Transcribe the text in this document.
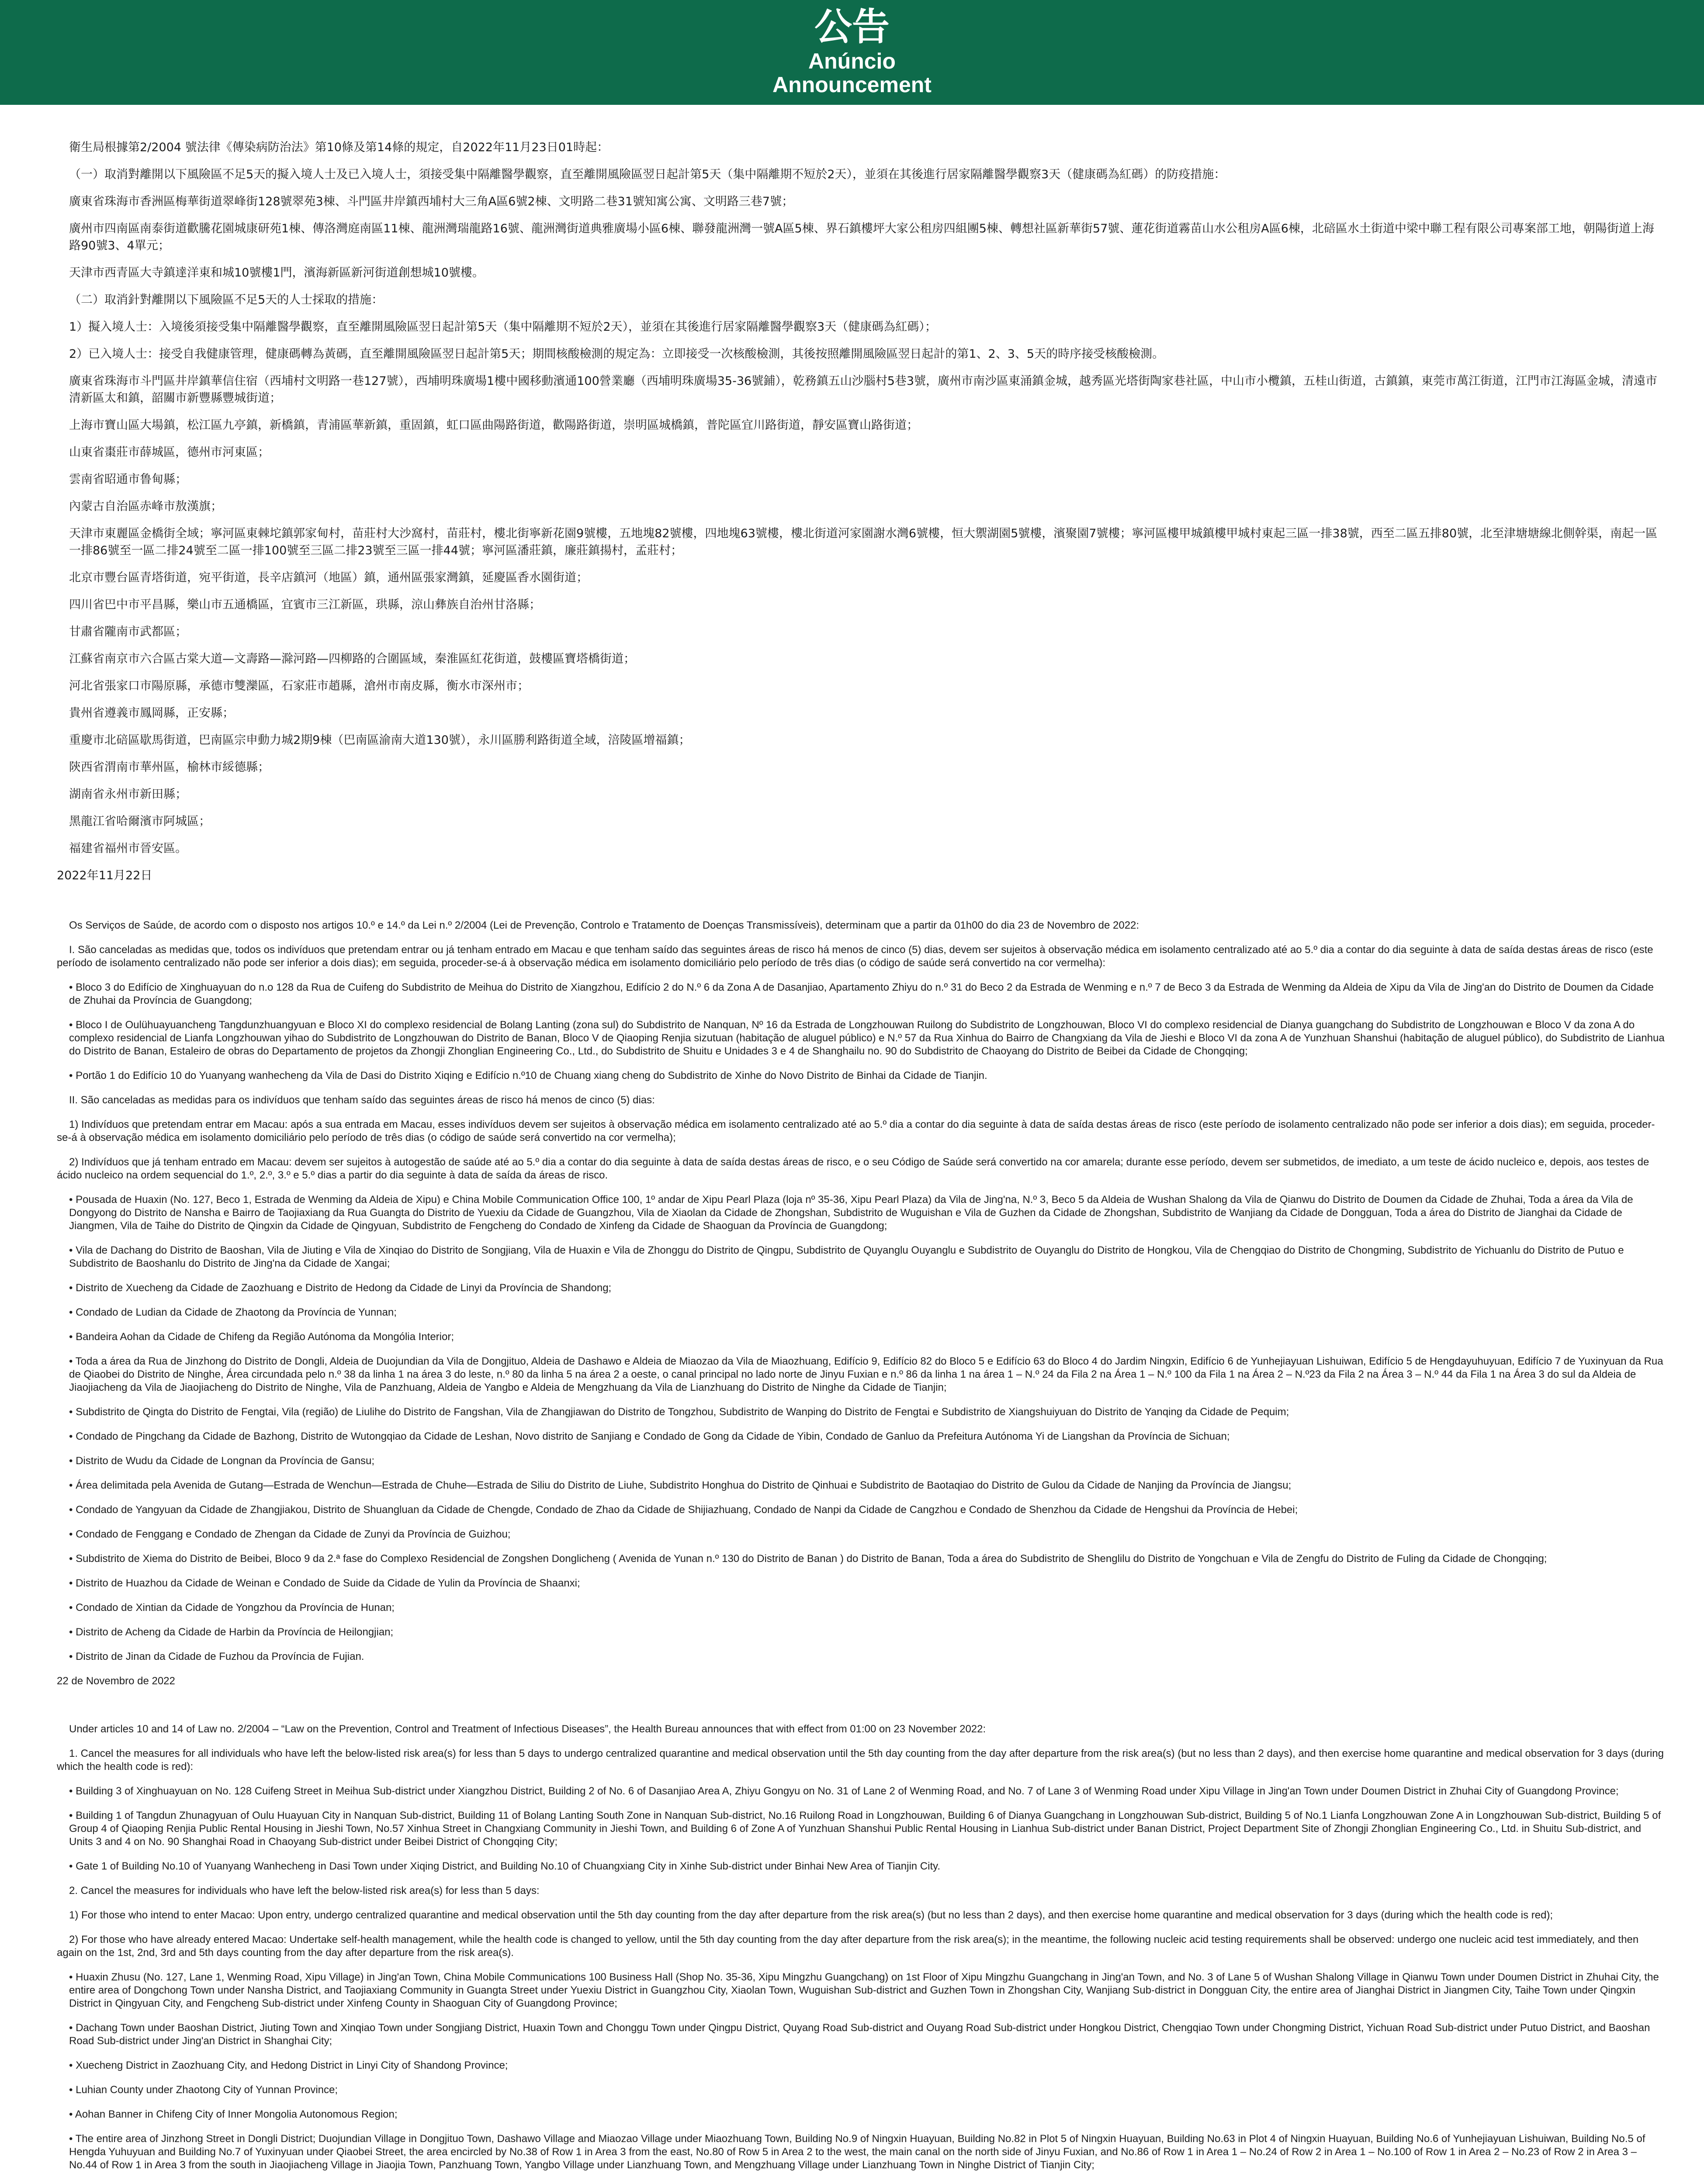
公告
Anúncio
Announcement

衛生局根據第2/2004 號法律《傳染病防治法》第10條及第14條的規定，自2022年11月23日01時起：

（一）取消對離開以下風險區不足5天的擬入境人士及已入境人士，須接受集中隔離醫學觀察，直至離開風險區翌日起計第5天（集中隔離期不短於2天），並須在其後進行居家隔離醫學觀察3天（健康碼為紅碼）的防疫措施：

廣東省珠海市香洲區梅華街道翠峰街128號翠苑3棟、斗門區井岸鎮西埔村大三角A區6號2棟、文明路二巷31號知寓公寓、文明路三巷7號；

廣州市四南區南泰街道歡騰花園城康研苑1棟、傳洛灣庭南區11棟、龍洲灣瑞龍路16號、龍洲灣街道典雅廣場小區6棟、聯發龍洲灣一號A區5棟、界石鎮樓坪大家公租房四組團5棟、轉想社區新華街57號、蓮花街道霧苗山水公租房A區6棟，北碚區水土街道中梁中聯工程有限公司專案部工地，朝陽街道上海路90號3、4單元；

天津市西青區大寺鎮達洋東和城10號樓1門，濱海新區新河街道創想城10號樓。

（二）取消針對離開以下風險區不足5天的人士採取的措施：

1）擬入境人士：入境後須接受集中隔離醫學觀察，直至離開風險區翌日起計第5天（集中隔離期不短於2天），並須在其後進行居家隔離醫學觀察3天（健康碼為紅碼）；

2）已入境人士：接受自我健康管理，健康碼轉為黃碼，直至離開風險區翌日起計第5天；期間核酸檢測的規定為：立即接受一次核酸檢測，其後按照離開風險區翌日起計的第1、2、3、5天的時序接受核酸檢測。

廣東省珠海市斗門區井岸鎮華信住宿（西埔村文明路一巷127號），西埔明珠廣場1樓中國移動濱通100營業廳（西埔明珠廣場35-36號鋪），乾務鎮五山沙腦村5巷3號，廣州市南沙區東涌鎮金城，越秀區光塔街陶家巷社區，中山市小欖鎮，五桂山街道，古鎮鎮，東莞市萬江街道，江門市江海區金城，清遠市清新區太和鎮，韶關市新豐縣豐城街道；

上海市寶山區大場鎮，松江區九亭鎮，新橋鎮，青浦區華新鎮，重固鎮，虹口區曲陽路街道，歡陽路街道，崇明區城橋鎮，普陀區宜川路街道，靜安區寶山路街道；

山東省棗莊市薛城區，德州市河東區；

雲南省昭通市鲁甸縣；

內蒙古自治區赤峰市敖漢旗；

天津市東麗區金橋街全域；寧河區東棘坨鎮郭家甸村，苗莊村大沙窩村，苗莊村，樓北街寧新花園9號樓，五地塊82號樓，四地塊63號樓，樓北街道河家園謝水灣6號樓，恒大禦湖園5號樓，濱聚園7號樓；寧河區樓甲城鎮樓甲城村東起三區一排38號，西至二區五排80號，北至津塘塘線北側幹渠，南起一區一排86號至一區二排24號至二區一排100號至三區二排23號至三區一排44號；寧河區潘莊鎮，廉莊鎮揚村，孟莊村；

北京市豐台區青塔街道，宛平街道，長辛店鎮河（地區）鎮，通州區張家灣鎮，延慶區香水園街道；

四川省巴中市平昌縣，樂山市五通橋區，宜賓市三江新區，珙縣，涼山彝族自治州甘洛縣；

甘肅省隴南市武都區；

江蘇省南京市六合區古棠大道—文壽路—滁河路—四柳路的合圍區域，秦淮區紅花街道，鼓樓區寶塔橋街道；

河北省張家口市陽原縣，承德市雙灤區，石家莊市趙縣，滄州市南皮縣，衡水市深州市；

貴州省遵義市鳳岡縣，正安縣；

重慶市北碚區歇馬街道，巴南區宗申動力城2期9棟（巴南區渝南大道130號），永川區勝利路街道全域，涪陵區增福鎮；

陝西省渭南市華州區，榆林市綏德縣；

湖南省永州市新田縣；

黑龍江省哈爾濱市阿城區；

福建省福州市晉安區。

2022年11月22日

Os Serviços de Saúde, de acordo com o disposto nos artigos 10.º e 14.º da Lei n.º 2/2004 (Lei de Prevenção, Controlo e Tratamento de Doenças Transmissíveis), determinam que a partir da 01h00 do dia 23 de Novembro de 2022:

I. São canceladas as medidas que, todos os indivíduos que pretendam entrar ou já tenham entrado em Macau e que tenham saído das seguintes áreas de risco há menos de cinco (5) dias, devem ser sujeitos à observação médica em isolamento centralizado até ao 5.º dia a contar do dia seguinte à data de saída destas áreas de risco (este período de isolamento centralizado não pode ser inferior a dois dias); em seguida, proceder-se-á à observação médica em isolamento domiciliário pelo período de três dias (o código de saúde será convertido na cor vermelha):

• Bloco 3 do Edifício de Xinghuayuan do n.o 128 da Rua de Cuifeng do Subdistrito de Meihua do Distrito de Xiangzhou, Edifício 2 do N.º 6 da Zona A de Dasanjiao, Apartamento Zhiyu do n.º 31 do Beco 2 da Estrada de Wenming e n.º 7 de Beco 3 da Estrada de Wenming da Aldeia de Xipu da Vila de Jing'an do Distrito de Doumen da Cidade de Zhuhai da Província de Guangdong;

• Bloco I de Oulühuayuancheng Tangdunzhuangyuan e Bloco XI do complexo residencial de Bolang Lanting (zona sul) do Subdistrito de Nanquan, Nº 16 da Estrada de Longzhouwan Ruilong do Subdistrito de Longzhouwan, Bloco VI do complexo residencial de Dianya guangchang do Subdistrito de Longzhouwan e Bloco V da zona A do complexo residencial de Lianfa Longzhouwan yihao do Subdistrito de Longzhouwan do Distrito de Banan, Bloco V de Qiaoping Renjia sizutuan (habitação de aluguel público) e N.º 57 da Rua Xinhua do Bairro de Changxiang da Vila de Jieshi e Bloco VI da zona A de Yunzhuan Shanshui (habitação de aluguel público), do Subdistrito de Lianhua do Distrito de Banan, Estaleiro de obras do Departamento de projetos da Zhongji Zhonglian Engineering Co., Ltd., do Subdistrito de Shuitu e Unidades 3 e 4 de Shanghailu no. 90 do Subdistrito de Chaoyang do Distrito de Beibei da Cidade de Chongqing;

• Portão 1 do Edifício 10 do Yuanyang wanhecheng da Vila de Dasi do Distrito Xiqing e Edifício n.º10 de Chuang xiang cheng do Subdistrito de Xinhe do Novo Distrito de Binhai da Cidade de Tianjin.

II. São canceladas as medidas para os indivíduos que tenham saído das seguintes áreas de risco há menos de cinco (5) dias:

1) Indivíduos que pretendam entrar em Macau: após a sua entrada em Macau, esses indivíduos devem ser sujeitos à observação médica em isolamento centralizado até ao 5.º dia a contar do dia seguinte à data de saída destas áreas de risco (este período de isolamento centralizado não pode ser inferior a dois dias); em seguida, proceder-se-á à observação médica em isolamento domiciliário pelo período de três dias (o código de saúde será convertido na cor vermelha);

2) Indivíduos que já tenham entrado em Macau: devem ser sujeitos à autogestão de saúde até ao 5.º dia a contar do dia seguinte à data de saída destas áreas de risco, e o seu Código de Saúde será convertido na cor amarela; durante esse período, devem ser submetidos, de imediato, a um teste de ácido nucleico e, depois, aos testes de ácido nucleico na ordem sequencial do 1.º, 2.º, 3.º e 5.º dias a partir do dia seguinte à data de saída da áreas de risco.

• Pousada de Huaxin (No. 127, Beco 1, Estrada de Wenming da Aldeia de Xipu) e China Mobile Communication Office 100, 1º andar de Xipu Pearl Plaza (loja nº 35-36, Xipu Pearl Plaza) da Vila de Jing'na, N.º 3, Beco 5 da Aldeia de Wushan Shalong da Vila de Qianwu do Distrito de Doumen da Cidade de Zhuhai, Toda a área da Vila de Dongyong do Distrito de Nansha e Bairro de Taojiaxiang da Rua Guangta do Distrito de Yuexiu da Cidade de Guangzhou, Vila de Xiaolan da Cidade de Zhongshan, Subdistrito de Wuguishan e Vila de Guzhen da Cidade de Zhongshan, Subdistrito de Wanjiang da Cidade de Dongguan, Toda a área do Distrito de Jianghai da Cidade de Jiangmen, Vila de Taihe do Distrito de Qingxin da Cidade de Qingyuan, Subdistrito de Fengcheng do Condado de Xinfeng da Cidade de Shaoguan da Província de Guangdong;

• Vila de Dachang do Distrito de Baoshan, Vila de Jiuting e Vila de Xinqiao do Distrito de Songjiang, Vila de Huaxin e Vila de Zhonggu do Distrito de Qingpu, Subdistrito de Quyanglu Ouyanglu e Subdistrito de Ouyanglu do Distrito de Hongkou, Vila de Chengqiao do Distrito de Chongming, Subdistrito de Yichuanlu do Distrito de Putuo e Subdistrito de Baoshanlu do Distrito de Jing'na da Cidade de Xangai;

• Distrito de Xuecheng da Cidade de Zaozhuang e Distrito de Hedong da Cidade de Linyi da Província de Shandong;

• Condado de Ludian da Cidade de Zhaotong da Província de Yunnan;

• Bandeira Aohan da Cidade de Chifeng da Região Autónoma da Mongólia Interior;

• Toda a área da Rua de Jinzhong do Distrito de Dongli, Aldeia de Duojundian da Vila de Dongjituo, Aldeia de Dashawo e Aldeia de Miaozao da Vila de Miaozhuang, Edifício 9, Edifício 82 do Bloco 5 e Edifício 63 do Bloco 4 do Jardim Ningxin, Edifício 6 de Yunhejiayuan Lishuiwan, Edifício 5 de Hengdayuhuyuan, Edifício 7 de Yuxinyuan da Rua de Qiaobei do Distrito de Ninghe, Área circundada pelo n.º 38 da linha 1 na área 3 do leste, n.º 80 da linha 5 na área 2 a oeste, o canal principal no lado norte de Jinyu Fuxian e n.º 86 da linha 1 na área 1 – N.º 24 da Fila 2 na Área 1 – N.º 100 da Fila 1 na Área 2 – N.º23 da Fila 2 na Área 3 – N.º 44 da Fila 1 na Área 3 do sul da Aldeia de Jiaojiacheng da Vila de Jiaojiacheng do Distrito de Ninghe, Vila de Panzhuang, Aldeia de Yangbo e Aldeia de Mengzhuang da Vila de Lianzhuang do Distrito de Ninghe da Cidade de Tianjin;

• Subdistrito de Qingta do Distrito de Fengtai, Vila (região) de Liulihe do Distrito de Fangshan, Vila de Zhangjiawan do Distrito de Tongzhou, Subdistrito de Wanping do Distrito de Fengtai e Subdistrito de Xiangshuiyuan do Distrito de Yanqing da Cidade de Pequim;

• Condado de Pingchang da Cidade de Bazhong, Distrito de Wutongqiao da Cidade de Leshan, Novo distrito de Sanjiang e Condado de Gong da Cidade de Yibin, Condado de Ganluo da Prefeitura Autónoma Yi de Liangshan da Província de Sichuan;

• Distrito de Wudu da Cidade de Longnan da Província de Gansu;

• Área delimitada pela Avenida de Gutang—Estrada de Wenchun—Estrada de Chuhe—Estrada de Siliu do Distrito de Liuhe, Subdistrito Honghua do Distrito de Qinhuai e Subdistrito de Baotaqiao do Distrito de Gulou da Cidade de Nanjing da Província de Jiangsu;

• Condado de Yangyuan da Cidade de Zhangjiakou, Distrito de Shuangluan da Cidade de Chengde, Condado de Zhao da Cidade de Shijiazhuang, Condado de Nanpi da Cidade de Cangzhou e Condado de Shenzhou da Cidade de Hengshui da Província de Hebei;

• Condado de Fenggang e Condado de Zhengan da Cidade de Zunyi da Província de Guizhou;

• Subdistrito de Xiema do Distrito de Beibei, Bloco 9 da 2.ª fase do Complexo Residencial de Zongshen Donglicheng ( Avenida de Yunan n.º 130 do Distrito de Banan ) do Distrito de Banan, Toda a área do Subdistrito de Shenglilu do Distrito de Yongchuan e Vila de Zengfu do Distrito de Fuling da Cidade de Chongqing;

• Distrito de Huazhou da Cidade de Weinan e Condado de Suide da Cidade de Yulin da Província de Shaanxi;

• Condado de Xintian da Cidade de Yongzhou da Província de Hunan;

• Distrito de Acheng da Cidade de Harbin da Província de Heilongjian;

• Distrito de Jinan da Cidade de Fuzhou da Província de Fujian.

22 de Novembro de 2022

Under articles 10 and 14 of Law no. 2/2004 – “Law on the Prevention, Control and Treatment of Infectious Diseases”, the Health Bureau announces that with effect from 01:00 on 23 November 2022:

1. Cancel the measures for all individuals who have left the below-listed risk area(s) for less than 5 days to undergo centralized quarantine and medical observation until the 5th day counting from the day after departure from the risk area(s) (but no less than 2 days), and then exercise home quarantine and medical observation for 3 days (during which the health code is red):

• Building 3 of Xinghuayuan on No. 128 Cuifeng Street in Meihua Sub-district under Xiangzhou District, Building 2 of No. 6 of Dasanjiao Area A, Zhiyu Gongyu on No. 31 of Lane 2 of Wenming Road, and No. 7 of Lane 3 of Wenming Road under Xipu Village in Jing'an Town under Doumen District in Zhuhai City of Guangdong Province;

• Building 1 of Tangdun Zhunagyuan of Oulu Huayuan City in Nanquan Sub-district, Building 11 of Bolang Lanting South Zone in Nanquan Sub-district, No.16 Ruilong Road in Longzhouwan, Building 6 of Dianya Guangchang in Longzhouwan Sub-district, Building 5 of No.1 Lianfa Longzhouwan Zone A in Longzhouwan Sub-district, Building 5 of Group 4 of Qiaoping Renjia Public Rental Housing in Jieshi Town, No.57 Xinhua Street in Changxiang Community in Jieshi Town, and Building 6 of Zone A of Yunzhuan Shanshui Public Rental Housing in Lianhua Sub-district under Banan District, Project Department Site of Zhongji Zhonglian Engineering Co., Ltd. in Shuitu Sub-district, and Units 3 and 4 on No. 90 Shanghai Road in Chaoyang Sub-district under Beibei District of Chongqing City;

• Gate 1 of Building No.10 of Yuanyang Wanhecheng in Dasi Town under Xiqing District, and Building No.10 of Chuangxiang City in Xinhe Sub-district under Binhai New Area of Tianjin City.

2. Cancel the measures for individuals who have left the below-listed risk area(s) for less than 5 days:

1) For those who intend to enter Macao: Upon entry, undergo centralized quarantine and medical observation until the 5th day counting from the day after departure from the risk area(s) (but no less than 2 days), and then exercise home quarantine and medical observation for 3 days (during which the health code is red);

2) For those who have already entered Macao: Undertake self-health management, while the health code is changed to yellow, until the 5th day counting from the day after departure from the risk area(s); in the meantime, the following nucleic acid testing requirements shall be observed: undergo one nucleic acid test immediately, and then again on the 1st, 2nd, 3rd and 5th days counting from the day after departure from the risk area(s).

• Huaxin Zhusu (No. 127, Lane 1, Wenming Road, Xipu Village) in Jing'an Town, China Mobile Communications 100 Business Hall (Shop No. 35-36, Xipu Mingzhu Guangchang) on 1st Floor of Xipu Mingzhu Guangchang in Jing'an Town, and No. 3 of Lane 5 of Wushan Shalong Village in Qianwu Town under Doumen District in Zhuhai City, the entire area of Dongchong Town under Nansha District, and Taojiaxiang Community in Guangta Street under Yuexiu District in Guangzhou City, Xiaolan Town, Wuguishan Sub-district and Guzhen Town in Zhongshan City, Wanjiang Sub-district in Dongguan City, the entire area of Jianghai District in Jiangmen City, Taihe Town under Qingxin District in Qingyuan City, and Fengcheng Sub-district under Xinfeng County in Shaoguan City of Guangdong Province;

• Dachang Town under Baoshan District, Jiuting Town and Xinqiao Town under Songjiang District, Huaxin Town and Chonggu Town under Qingpu District, Quyang Road Sub-district and Ouyang Road Sub-district under Hongkou District, Chengqiao Town under Chongming District, Yichuan Road Sub-district under Putuo District, and Baoshan Road Sub-district under Jing'an District in Shanghai City;

• Xuecheng District in Zaozhuang City, and Hedong District in Linyi City of Shandong Province;

• Luhian County under Zhaotong City of Yunnan Province;

• Aohan Banner in Chifeng City of Inner Mongolia Autonomous Region;

• The entire area of Jinzhong Street in Dongli District; Duojundian Village in Dongjituo Town, Dashawo Village and Miaozao Village under Miaozhuang Town, Building No.9 of Ningxin Huayuan, Building No.82 in Plot 5 of Ningxin Huayuan, Building No.63 in Plot 4 of Ningxin Huayuan, Building No.6 of Yunhejiayuan Lishuiwan, Building No.5 of Hengda Yuhuyuan and Building No.7 of Yuxinyuan under Qiaobei Street, the area encircled by No.38 of Row 1 in Area 3 from the east, No.80 of Row 5 in Area 2 to the west, the main canal on the north side of Jinyu Fuxian, and No.86 of Row 1 in Area 1 – No.24 of Row 2 in Area 1 – No.100 of Row 1 in Area 2 – No.23 of Row 2 in Area 3 – No.44 of Row 1 in Area 3 from the south in Jiaojiacheng Village in Jiaojia Town, Panzhuang Town, Yangbo Village under Lianzhuang Town, and Mengzhuang Village under Lianzhuang Town in Ninghe District of Tianjin City;
